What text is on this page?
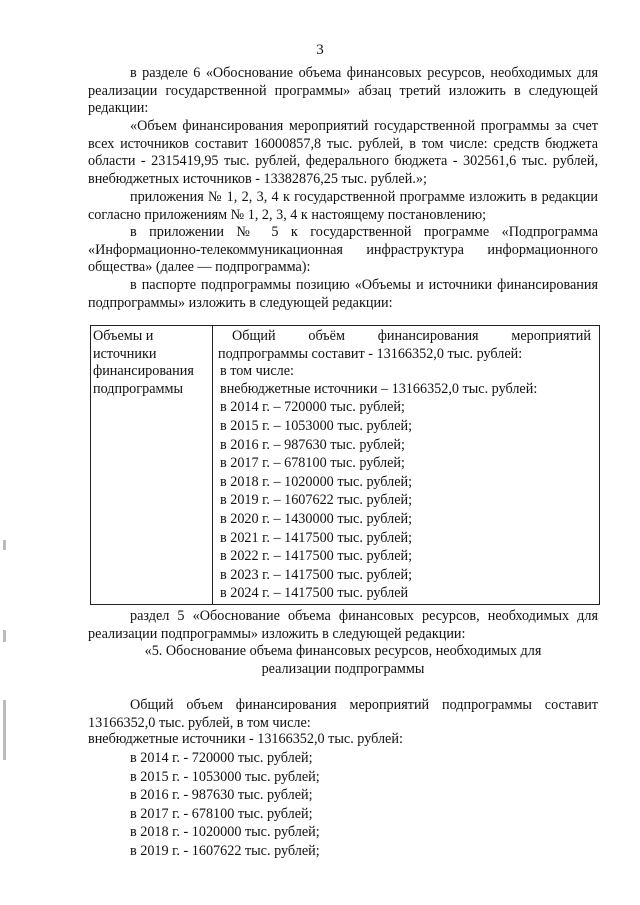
3

в разделе 6 «Обоснование объема финансовых ресурсов, необходимых для реализации государственной программы» абзац третий изложить в следующей редакции:

«Объем финансирования мероприятий государственной программы за счет всех источников составит 16000857,8 тыс. рублей, в том числе: средств бюджета области - 2315419,95 тыс. рублей, федерального бюджета - 302561,6 тыс. рублей, внебюджетных источников - 13382876,25 тыс. рублей.»;

приложения № 1, 2, 3, 4 к государственной программе изложить в редакции согласно приложениям № 1, 2, 3, 4 к настоящему постановлению;

в приложении № 5 к государственной программе «Подпрограмма «Информационно-телекоммуникационная инфраструктура информационного общества» (далее — подпрограмма):

в паспорте подпрограммы позицию «Объемы и источники финансирования подпрограммы» изложить в следующей редакции:

Объемы и
источники
финансирования
подпрограммы
Общий объём финансирования мероприятий подпрограммы составит - 13166352,0 тыс. рублей:
в том числе:
внебюджетные источники – 13166352,0 тыс. рублей:
в 2014 г. – 720000 тыс. рублей;
в 2015 г. – 1053000 тыс. рублей;
в 2016 г. – 987630 тыс. рублей;
в 2017 г. – 678100 тыс. рублей;
в 2018 г. – 1020000 тыс. рублей;
в 2019 г. – 1607622 тыс. рублей;
в 2020 г. – 1430000 тыс. рублей;
в 2021 г. – 1417500 тыс. рублей;
в 2022 г. – 1417500 тыс. рублей;
в 2023 г. – 1417500 тыс. рублей;
в 2024 г. – 1417500 тыс. рублей

раздел 5 «Обоснование объема финансовых ресурсов, необходимых для реализации подпрограммы» изложить в следующей редакции:

«5. Обоснование объема финансовых ресурсов, необходимых для

реализации подпрограммы

Общий объем финансирования мероприятий подпрограммы составит 13166352,0 тыс. рублей, в том числе:

внебюджетные источники - 13166352,0 тыс. рублей:

в 2014 г. - 720000 тыс. рублей;
в 2015 г. - 1053000 тыс. рублей;
в 2016 г. - 987630 тыс. рублей;
в 2017 г. - 678100 тыс. рублей;
в 2018 г. - 1020000 тыс. рублей;
в 2019 г. - 1607622 тыс. рублей;
